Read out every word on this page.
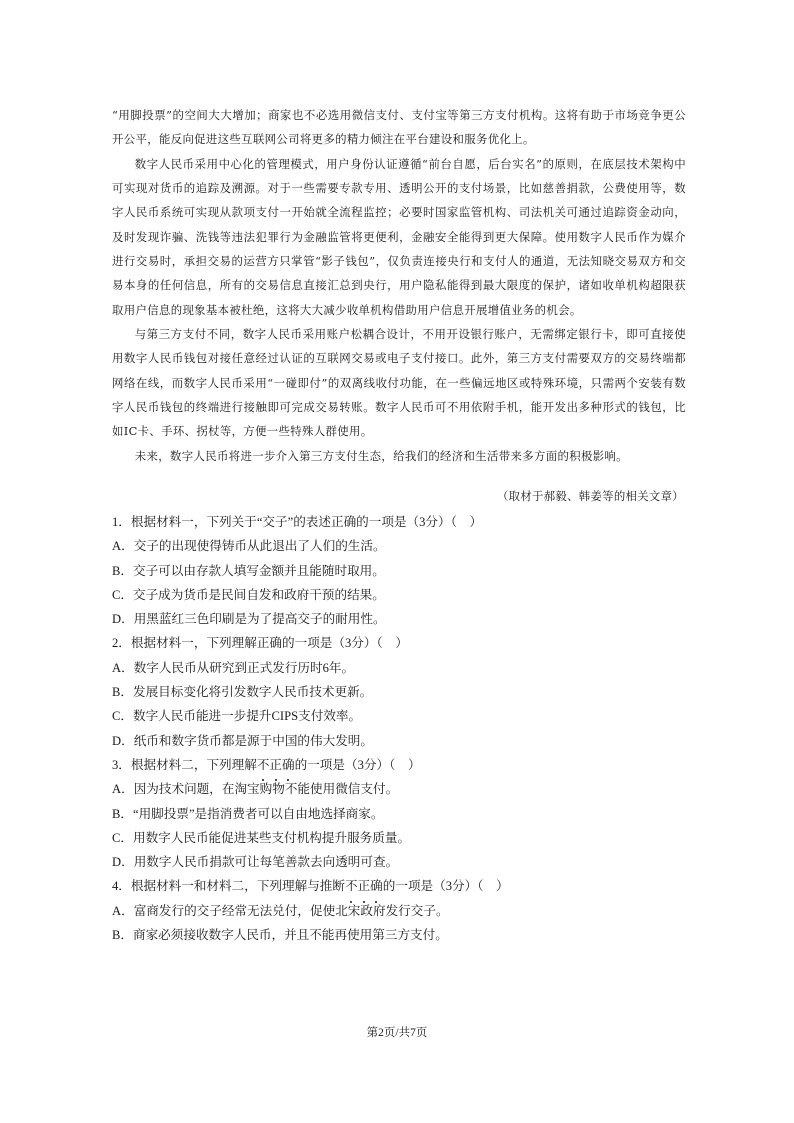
“用脚投票”的空间大大增加；商家也不必选用微信支付、支付宝等第三方支付机构。这将有助于市场竞争更公开公平，能反向促进这些互联网公司将更多的精力倾注在平台建设和服务优化上。

数字人民币采用中心化的管理模式，用户身份认证遵循“前台自愿，后台实名”的原则，在底层技术架构中可实现对货币的追踪及溯源。对于一些需要专款专用、透明公开的支付场景，比如慈善捐款，公费使用等，数字人民币系统可实现从款项支付一开始就全流程监控；必要时国家监管机构、司法机关可通过追踪资金动向，及时发现诈骗、洗钱等违法犯罪行为金融监管将更便利，金融安全能得到更大保障。使用数字人民币作为媒介进行交易时，承担交易的运营方只掌管“影子钱包”，仅负责连接央行和支付人的通道，无法知晓交易双方和交易本身的任何信息，所有的交易信息直接汇总到央行，用户隐私能得到最大限度的保护，诸如收单机构超限获取用户信息的现象基本被杜绝，这将大大减少收单机构借助用户信息开展增值业务的机会。

与第三方支付不同，数字人民币采用账户松耦合设计，不用开设银行账户，无需绑定银行卡，即可直接使用数字人民币钱包对接任意经过认证的互联网交易或电子支付接口。此外，第三方支付需要双方的交易终端都网络在线，而数字人民币采用“一碰即付”的双离线收付功能，在一些偏远地区或特殊环境，只需两个安装有数字人民币钱包的终端进行接触即可完成交易转账。数字人民币可不用依附手机，能开发出多种形式的钱包，比如IC卡、手环、拐杖等，方便一些特殊人群使用。

未来，数字人民币将进一步介入第三方支付生态，给我们的经济和生活带来多方面的积极影响。

（取材于郝毅、韩姜等的相关文章）
1．根据材料一，下列关于“交子”的表述正确的一项是（3分）（　）
A．交子的出现使得铸币从此退出了人们的生活。
B．交子可以由存款人填写金额并且能随时取用。
C．交子成为货币是民间自发和政府干预的结果。
D．用黑蓝红三色印刷是为了提高交子的耐用性。
2．根据材料一，下列理解正确的一项是（3分）（　）
A．数字人民币从研究到正式发行历时6年。
B．发展目标变化将引发数字人民币技术更新。
C．数字人民币能进一步提升CIPS支付效率。
D．纸币和数字货币都是源于中国的伟大发明。
3．根据材料二，下列理解不正确的一项是（3分）（　）
A．因为技术问题，在淘宝购物不能使用微信支付。
B．“用脚投票”是指消费者可以自由地选择商家。
C．用数字人民币能促进某些支付机构提升服务质量。
D．用数字人民币捐款可让每笔善款去向透明可查。
4．根据材料一和材料二，下列理解与推断不正确的一项是（3分）（　）
A．富商发行的交子经常无法兑付，促使北宋政府发行交子。
B．商家必须接收数字人民币，并且不能再使用第三方支付。
第2页/共7页
